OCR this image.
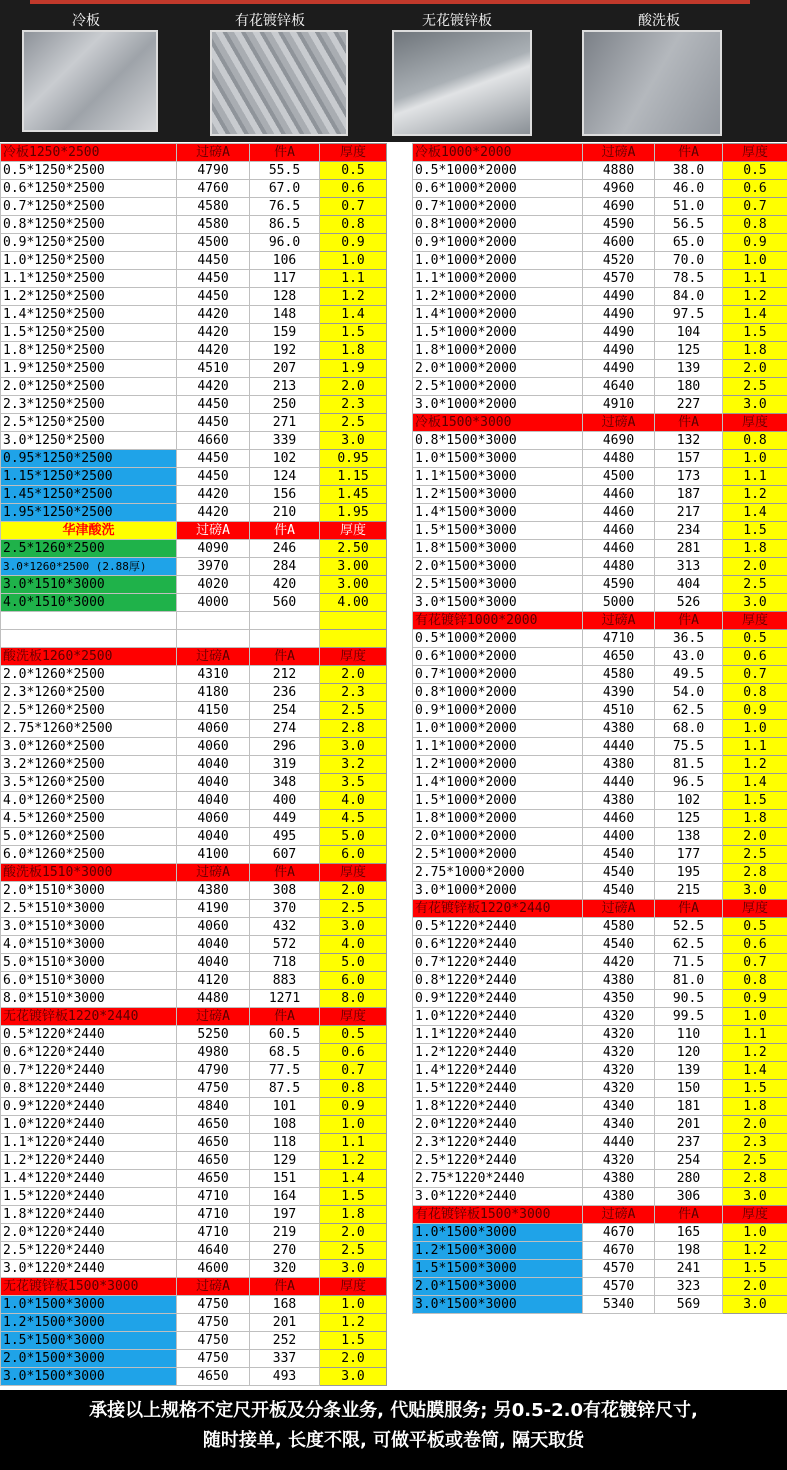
冷板	有花镀锌板	无花镀锌板	酸洗板
冷板1250*2500	过磅A	件A	厚度
0.5*1250*2500	4790	55.5	0.5
0.6*1250*2500	4760	67.0	0.6
0.7*1250*2500	4580	76.5	0.7
0.8*1250*2500	4580	86.5	0.8
0.9*1250*2500	4500	96.0	0.9
1.0*1250*2500	4450	106	1.0
1.1*1250*2500	4450	117	1.1
1.2*1250*2500	4450	128	1.2
1.4*1250*2500	4420	148	1.4
1.5*1250*2500	4420	159	1.5
1.8*1250*2500	4420	192	1.8
1.9*1250*2500	4510	207	1.9
2.0*1250*2500	4420	213	2.0
2.3*1250*2500	4450	250	2.3
2.5*1250*2500	4450	271	2.5
3.0*1250*2500	4660	339	3.0
0.95*1250*2500	4450	102	0.95
1.15*1250*2500	4450	124	1.15
1.45*1250*2500	4420	156	1.45
1.95*1250*2500	4420	210	1.95
华津酸洗	过磅A	件A	厚度
2.5*1260*2500	4090	246	2.50
3.0*1260*2500 (2.88厚)	3970	284	3.00
3.0*1510*3000	4020	420	3.00
4.0*1510*3000	4000	560	4.00

酸洗板1260*2500	过磅A	件A	厚度
2.0*1260*2500	4310	212	2.0
2.3*1260*2500	4180	236	2.3
2.5*1260*2500	4150	254	2.5
2.75*1260*2500	4060	274	2.8
3.0*1260*2500	4060	296	3.0
3.2*1260*2500	4040	319	3.2
3.5*1260*2500	4040	348	3.5
4.0*1260*2500	4040	400	4.0
4.5*1260*2500	4060	449	4.5
5.0*1260*2500	4040	495	5.0
6.0*1260*2500	4100	607	6.0
酸洗板1510*3000	过磅A	件A	厚度
2.0*1510*3000	4380	308	2.0
2.5*1510*3000	4190	370	2.5
3.0*1510*3000	4060	432	3.0
4.0*1510*3000	4040	572	4.0
5.0*1510*3000	4040	718	5.0
6.0*1510*3000	4120	883	6.0
8.0*1510*3000	4480	1271	8.0
无花镀锌板1220*2440	过磅A	件A	厚度
0.5*1220*2440	5250	60.5	0.5
0.6*1220*2440	4980	68.5	0.6
0.7*1220*2440	4790	77.5	0.7
0.8*1220*2440	4750	87.5	0.8
0.9*1220*2440	4840	101	0.9
1.0*1220*2440	4650	108	1.0
1.1*1220*2440	4650	118	1.1
1.2*1220*2440	4650	129	1.2
1.4*1220*2440	4650	151	1.4
1.5*1220*2440	4710	164	1.5
1.8*1220*2440	4710	197	1.8
2.0*1220*2440	4710	219	2.0
2.5*1220*2440	4640	270	2.5
3.0*1220*2440	4600	320	3.0
无花镀锌板1500*3000	过磅A	件A	厚度
1.0*1500*3000	4750	168	1.0
1.2*1500*3000	4750	201	1.2
1.5*1500*3000	4750	252	1.5
2.0*1500*3000	4750	337	2.0
3.0*1500*3000	4650	493	3.0
冷板1000*2000	过磅A	件A	厚度
0.5*1000*2000	4880	38.0	0.5
0.6*1000*2000	4960	46.0	0.6
0.7*1000*2000	4690	51.0	0.7
0.8*1000*2000	4590	56.5	0.8
0.9*1000*2000	4600	65.0	0.9
1.0*1000*2000	4520	70.0	1.0
1.1*1000*2000	4570	78.5	1.1
1.2*1000*2000	4490	84.0	1.2
1.4*1000*2000	4490	97.5	1.4
1.5*1000*2000	4490	104	1.5
1.8*1000*2000	4490	125	1.8
2.0*1000*2000	4490	139	2.0
2.5*1000*2000	4640	180	2.5
3.0*1000*2000	4910	227	3.0
冷板1500*3000	过磅A	件A	厚度
0.8*1500*3000	4690	132	0.8
1.0*1500*3000	4480	157	1.0
1.1*1500*3000	4500	173	1.1
1.2*1500*3000	4460	187	1.2
1.4*1500*3000	4460	217	1.4
1.5*1500*3000	4460	234	1.5
1.8*1500*3000	4460	281	1.8
2.0*1500*3000	4480	313	2.0
2.5*1500*3000	4590	404	2.5
3.0*1500*3000	5000	526	3.0
有花镀锌1000*2000	过磅A	件A	厚度
0.5*1000*2000	4710	36.5	0.5
0.6*1000*2000	4650	43.0	0.6
0.7*1000*2000	4580	49.5	0.7
0.8*1000*2000	4390	54.0	0.8
0.9*1000*2000	4510	62.5	0.9
1.0*1000*2000	4380	68.0	1.0
1.1*1000*2000	4440	75.5	1.1
1.2*1000*2000	4380	81.5	1.2
1.4*1000*2000	4440	96.5	1.4
1.5*1000*2000	4380	102	1.5
1.8*1000*2000	4460	125	1.8
2.0*1000*2000	4400	138	2.0
2.5*1000*2000	4540	177	2.5
2.75*1000*2000	4540	195	2.8
3.0*1000*2000	4540	215	3.0
有花镀锌板1220*2440	过磅A	件A	厚度
0.5*1220*2440	4580	52.5	0.5
0.6*1220*2440	4540	62.5	0.6
0.7*1220*2440	4420	71.5	0.7
0.8*1220*2440	4380	81.0	0.8
0.9*1220*2440	4350	90.5	0.9
1.0*1220*2440	4320	99.5	1.0
1.1*1220*2440	4320	110	1.1
1.2*1220*2440	4320	120	1.2
1.4*1220*2440	4320	139	1.4
1.5*1220*2440	4320	150	1.5
1.8*1220*2440	4340	181	1.8
2.0*1220*2440	4340	201	2.0
2.3*1220*2440	4440	237	2.3
2.5*1220*2440	4320	254	2.5
2.75*1220*2440	4380	280	2.8
3.0*1220*2440	4380	306	3.0
有花镀锌板1500*3000	过磅A	件A	厚度
1.0*1500*3000	4670	165	1.0
1.2*1500*3000	4670	198	1.2
1.5*1500*3000	4570	241	1.5
2.0*1500*3000	4570	323	2.0
3.0*1500*3000	5340	569	3.0
承接以上规格不定尺开板及分条业务, 代贴膜服务; 另0.5-2.0有花镀锌尺寸,
随时接单, 长度不限, 可做平板或卷筒, 隔天取货
